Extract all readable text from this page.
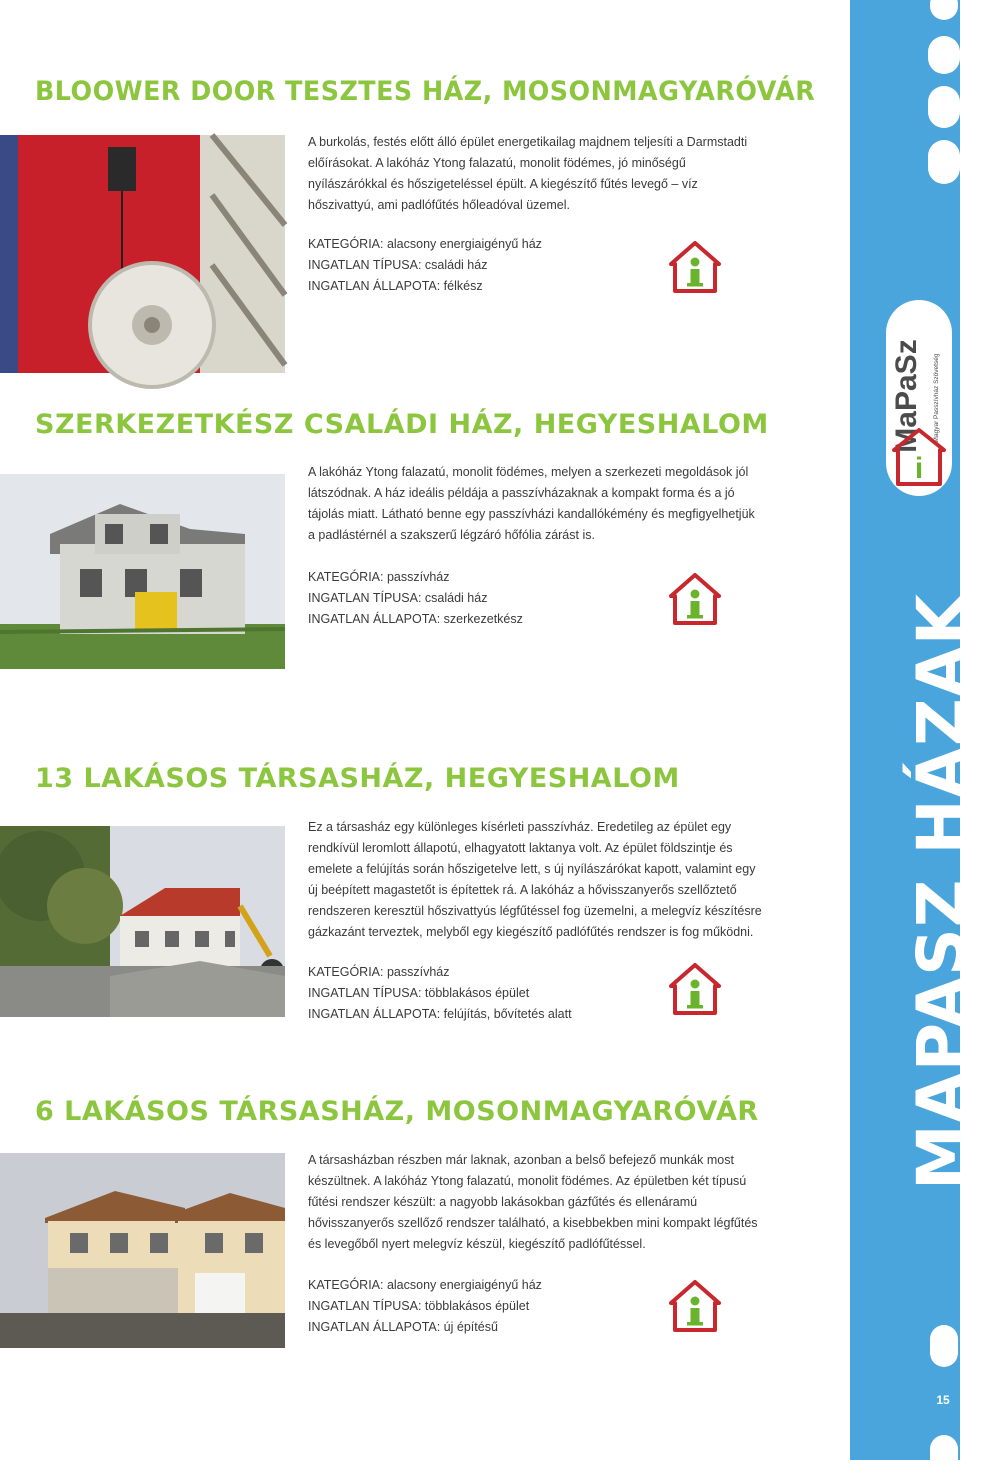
BLOOWER DOOR TESZTES HÁZ, MOSONMAGYARÓVÁR

A burkolás, festés előtt álló épület energetikailag majdnem teljesíti a Darmstadti előírásokat. A lakóház Ytong falazatú, monolit födémes, jó minőségű nyílászárókkal és hőszigeteléssel épült. A kiegészítő fűtés levegő – víz hőszivattyú, ami padlófűtés hőleadóval üzemel.

KATEGÓRIA: alacsony energiaigényű ház
INGATLAN TÍPUSA: családi ház
INGATLAN ÁLLAPOTA: félkész
SZERKEZETKÉSZ CSALÁDI HÁZ, HEGYESHALOM

A lakóház Ytong falazatú, monolit födémes, melyen a szerkezeti megoldások jól látszódnak. A ház ideális példája a passzívházaknak a kompakt forma és a jó tájolás miatt. Látható benne egy passzívházi kandallókémény és megfigyelhetjük a padlástérnél a szakszerű légzáró hőfólia zárást is.

KATEGÓRIA: passzívház
INGATLAN TÍPUSA: családi ház
INGATLAN ÁLLAPOTA: szerkezetkész
13 LAKÁSOS TÁRSASHÁZ, HEGYESHALOM

Ez a társasház egy különleges kísérleti passzívház. Eredetileg az épület egy rendkívül leromlott állapotú, elhagyatott laktanya volt. Az épület földszintje és emelete a felújítás során hőszigetelve lett, s új nyílászárókat kapott, valamint egy új beépített magastetőt is építettek rá. A lakóház a hővisszanyerős szellőztető rendszeren keresztül hőszivattyús légfűtéssel fog üzemelni, a melegvíz készítésre gázkazánt terveztek, melyből egy kiegészítő padlófűtés rendszer is fog működni.

KATEGÓRIA: passzívház
INGATLAN TÍPUSA: többlakásos épület
INGATLAN ÁLLAPOTA: felújítás, bővítetés alatt
6 LAKÁSOS TÁRSASHÁZ, MOSONMAGYARÓVÁR

A társasházban részben már laknak, azonban a belső befejező munkák most készültnek. A lakóház Ytong falazatú, monolit födémes. Az épületben két típusú fűtési rendszer készült: a nagyobb lakásokban gázfűtés és ellenáramú hővisszanyerős szellőző rendszer található, a kisebbekben mini kompakt légfűtés és levegőből nyert melegvíz készül, kiegészítő padlófűtéssel.

KATEGÓRIA: alacsony energiaigényű ház
INGATLAN TÍPUSA: többlakásos épület
INGATLAN ÁLLAPOTA: új építésű
MaPaSz Magyar Passzívház Szövetség
i
MAPASZ HÁZAK
15
